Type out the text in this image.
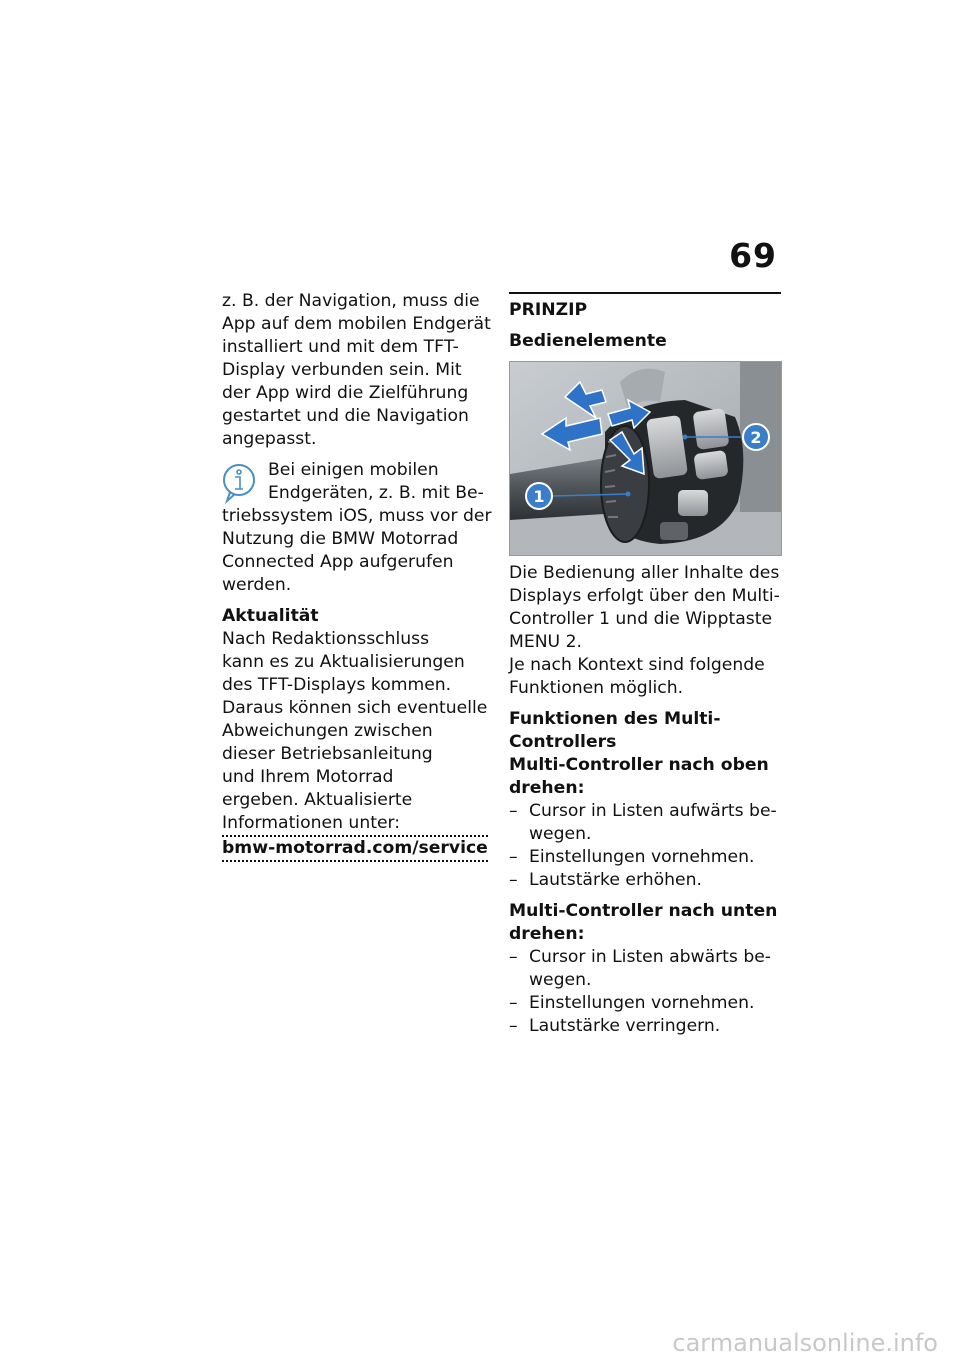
69

z. B. der Navigation, muss die
App auf dem mobilen Endgerät
installiert und mit dem TFT-
Display verbunden sein. Mit
der App wird die Zielführung
gestartet und die Navigation
angepasst.

Bei einigen mobilen
Endgeräten, z. B. mit Be-
triebssystem iOS, muss vor der
Nutzung die BMW Motorrad
Connected App aufgerufen
werden.

Aktualität

Nach Redaktionsschluss
kann es zu Aktualisierungen
des TFT-Displays kommen.
Daraus können sich eventuelle
Abweichungen zwischen
dieser Betriebsanleitung
und Ihrem Motorrad
ergeben. Aktualisierte
Informationen unter:

bmw-motorrad.com/service

PRINZIP

Bedienelemente

1
2

Die Bedienung aller Inhalte des
Displays erfolgt über den Multi-
Controller 1 und die Wipptaste
MENU 2.
Je nach Kontext sind folgende
Funktionen möglich.

Funktionen des Multi-
Controllers

Multi-Controller nach oben
drehen:

– Cursor in Listen aufwärts be-
wegen.

– Einstellungen vornehmen.

– Lautstärke erhöhen.

Multi-Controller nach unten
drehen:

– Cursor in Listen abwärts be-
wegen.

– Einstellungen vornehmen.

– Lautstärke verringern.

carmanualsonline.info
